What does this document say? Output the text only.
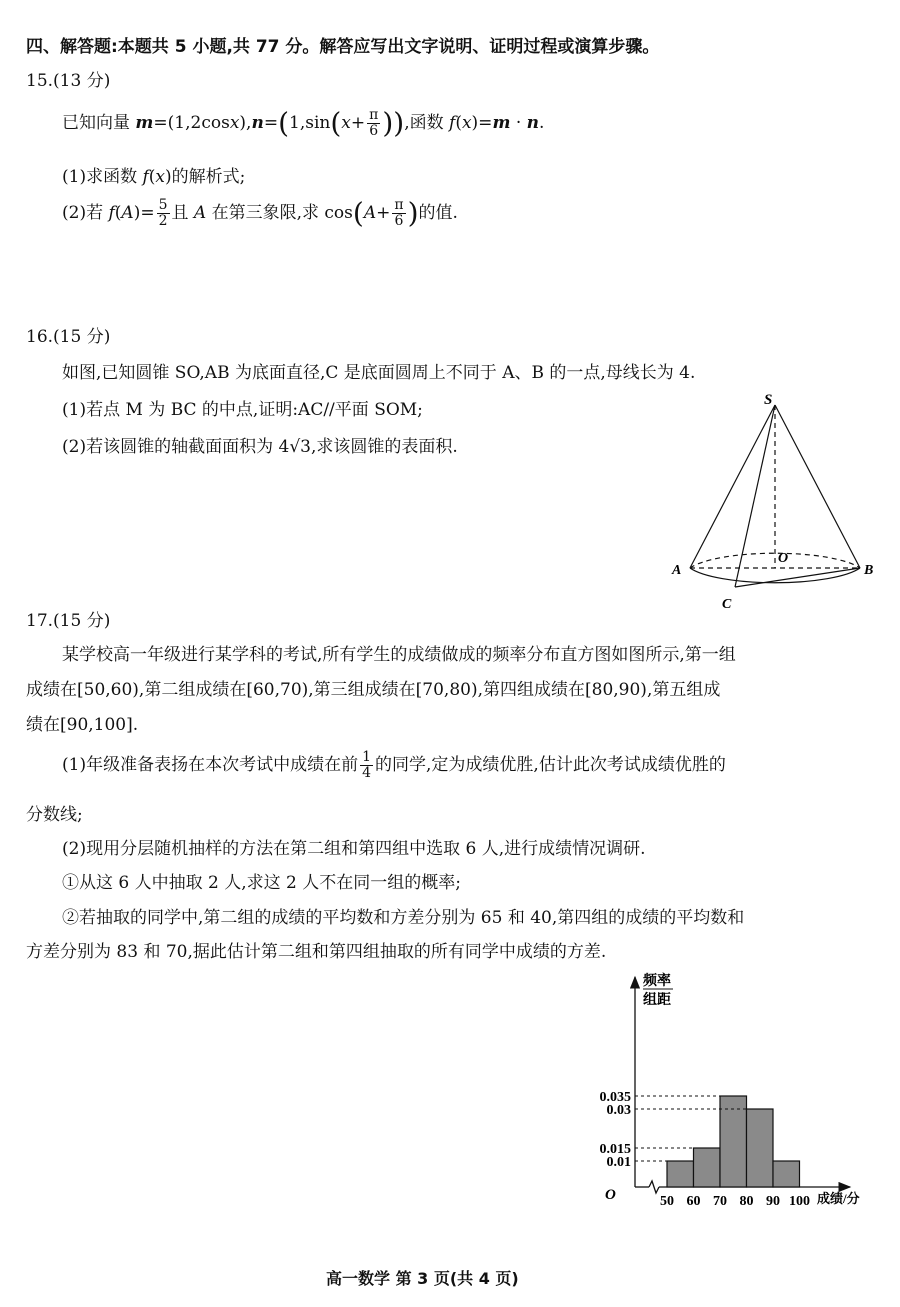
四、解答题:本题共 5 小题,共 77 分。解答应写出文字说明、证明过程或演算步骤。
15.(13 分)
已知向量 $m=(1,2\cos x),n=(1,\sin(x+ \frac{\pi}{6}$ )),函数 f(x)=m · n.
(1)求函数 f(x)的解析式;
(2)若 $f(A)= \frac{5}{2}$ 且 A 在第三象限,求 $\cos(A+ \frac{\pi}{6}$ )的值.
16.(15 分)
如图,已知圆锥 SO,AB 为底面直径,C 是底面圆周上不同于 A、B 的一点,母线长为 4.
(1)若点 M 为 BC 的中点,证明:AC//平面 SOM;
(2)若该圆锥的轴截面面积为 4√3,求该圆锥的表面积.
S
O
A	B
C
17.(15 分)
某学校高一年级进行某学科的考试,所有学生的成绩做成的频率分布直方图如图所示,第一组
成绩在[50,60),第二组成绩在[60,70),第三组成绩在[70,80),第四组成绩在[80,90),第五组成
绩在[90,100].
(1)年级准备表扬在本次考试中成绩在前 $\frac{1}{4}$ 的同学,定为成绩优胜,估计此次考试成绩优胜的
分数线;
(2)现用分层随机抽样的方法在第二组和第四组中选取 6 人,进行成绩情况调研.
①从这 6 人中抽取 2 人,求这 2 人不在同一组的概率;
②若抽取的同学中,第二组的成绩的平均数和方差分别为 65 和 40,第四组的成绩的平均数和
方差分别为 83 和 70,据此估计第二组和第四组抽取的所有同学中成绩的方差.
0.01
0.015
0.03
0.035
50 60 70 80 90 100
O
频率
组距
成绩/分
高一数学 第 3 页(共 4 页)
